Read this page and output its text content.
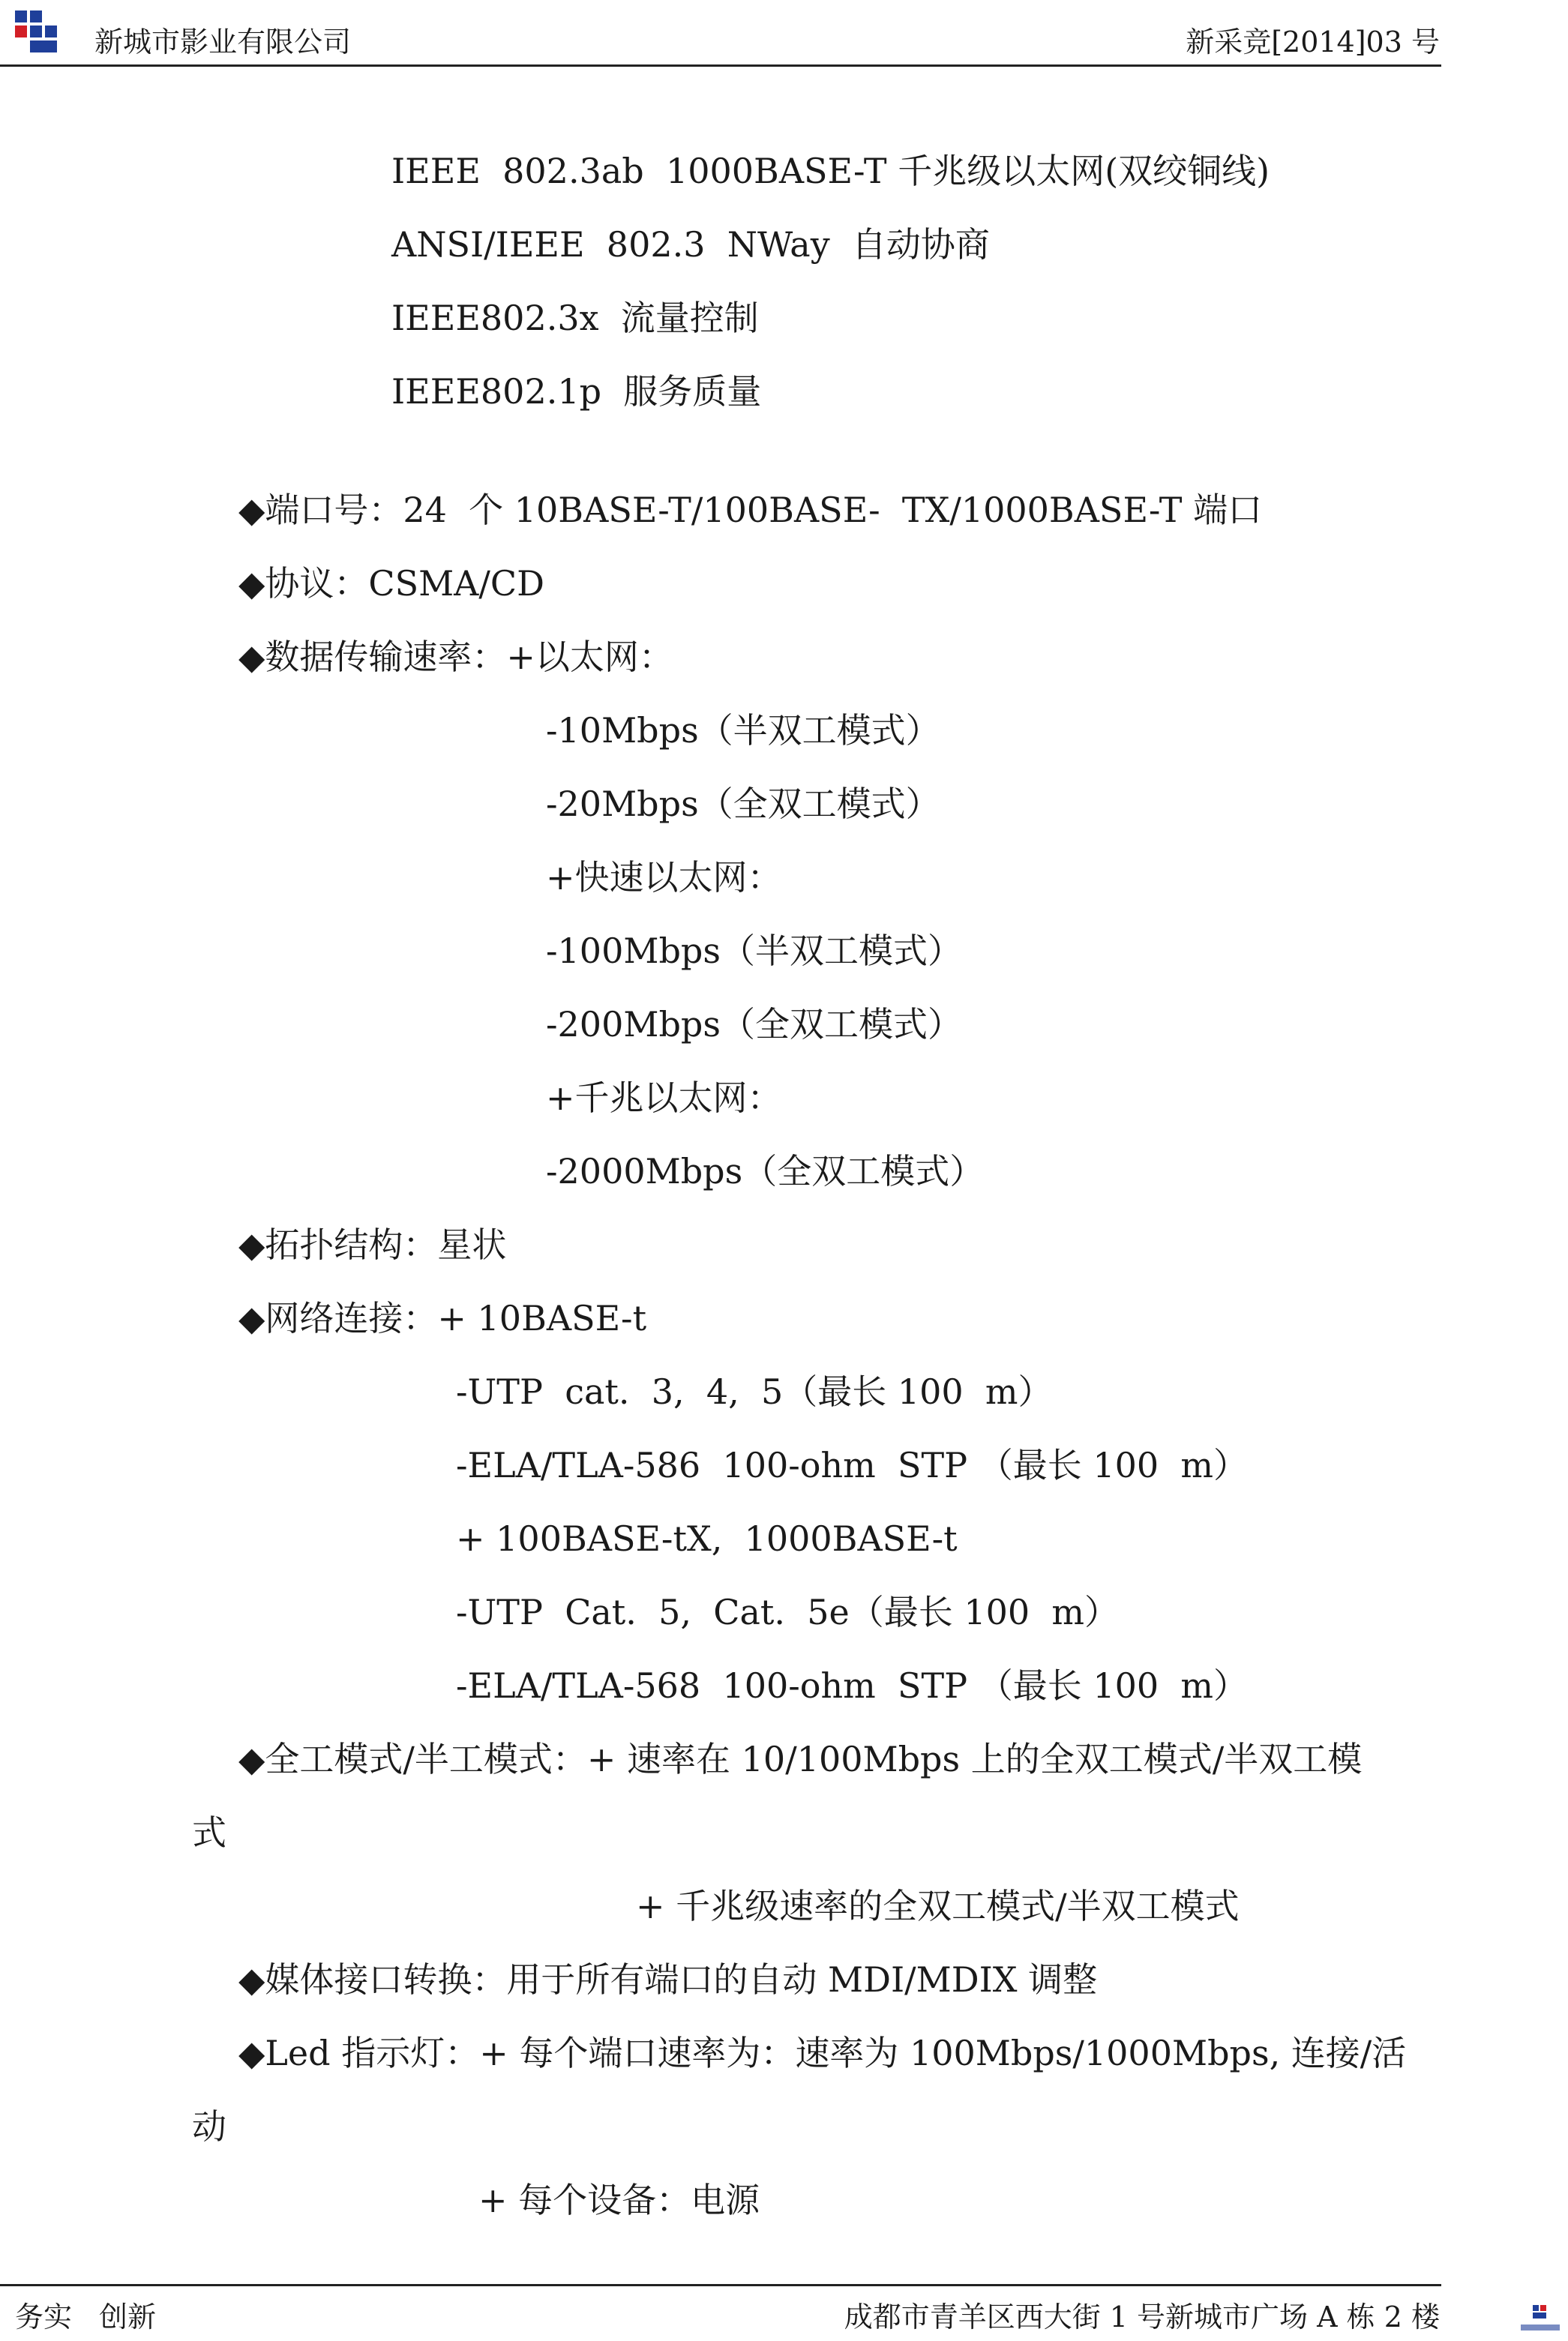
新城市影业有限公司	新采竞[2014]03 号
IEEE  802.3ab  1000BASE-T 千兆级以太网(双绞铜线)
ANSI/IEEE  802.3  NWay  自动协商
IEEE802.3x  流量控制
IEEE802.1p  服务质量
◆端口号：24  个 10BASE-T/100BASE-  TX/1000BASE-T 端口
◆协议：CSMA/CD
◆数据传输速率：+以太网：
-10Mbps（半双工模式）
-20Mbps（全双工模式）
+快速以太网：
-100Mbps（半双工模式）
-200Mbps（全双工模式）
+千兆以太网：
-2000Mbps（全双工模式）
◆拓扑结构：星状
◆网络连接：+ 10BASE-t
-UTP  cat.  3,  4,  5（最长 100  m）
-ELA/TLA-586  100-ohm  STP （最长 100  m）
+ 100BASE-tX,  1000BASE-t
-UTP  Cat.  5,  Cat.  5e（最长 100  m）
-ELA/TLA-568  100-ohm  STP （最长 100  m）
◆全工模式/半工模式：+ 速率在 10/100Mbps 上的全双工模式/半双工模
式
+ 千兆级速率的全双工模式/半双工模式
◆媒体接口转换：用于所有端口的自动 MDI/MDIX 调整
◆Led 指示灯：+ 每个端口速率为：速率为 100Mbps/1000Mbps, 连接/活
动
+ 每个设备：电源
务实 创新	成都市青羊区西大街 1 号新城市广场 A 栋 2 楼
